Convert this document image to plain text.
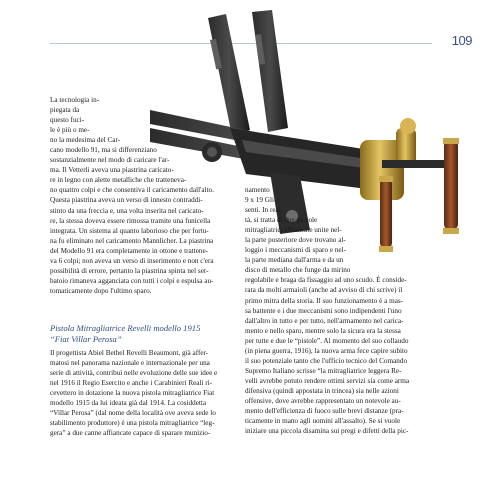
109
La tecnologia in-
piegata da
questo fuci-
le è più o me-
no la medesima del Car-
cano modello 91, ma si differenziano
sostanzialmente nel modo di caricare l'ar-
ma. Il Vetterli aveva una piastrina caricato-
re in legno con alette metalliche che tratteneva-
no quattro colpi e che consentiva il caricamento dall'alto.
Questa piastrina aveva un verso di innesto contraddi-
stinto da una freccia e, una volta inserita nel caricato-
re, la stessa doveva essere rimossa tramite una funicella
integrata. Un sistema al quanto laborioso che per fortu-
na fu eliminato nel caricamento Mannlicher. La piastrina
del Modello 91 era completamente in ottone e trattene-
va 6 colpi; non aveva un verso di inserimento e non c'era
possibilità di errore, pertanto la piastrina spinta nel ser-
batoio rimaneva agganciata con tutti i colpi e espulsa au-
tomaticamente dopo l'ultimo sparo.
Pistola Mitragliatrice Revelli modello 1915
“Fiat Villar Perosa”
Il progettista Abiel Bethel Revelli Beaumont, già affer-
matosi nel panorama nazionale e internazionale per una
serie di attività, contribuì nelle evoluzione delle sue idee e
nel 1916 il Regio Esercito e anche i Carabinieri Reali ri-
cevettero in dotazione la nuova pistola mitragliatrice Fiat
modello 1915 da lui ideata già dal 1914. La cosiddetta
“Villar Perosa” (dal nome della località ove aveva sede lo
stabilimento produttore) è una pistola mitragliatrice “leg-
gera” a due canne affiancate capace di sparare munizio-
namento
9 x 19 Gli-
senti. In real-
tà, si tratta di due piccole
mitragliatrici affiancate unite nel-
la parte posteriore dove trovano al-
loggio i meccanismi di sparo e nel-
la parte mediana dall'arma e da un
disco di metallo che funge da mirino
regolabile e braga da fissaggio ad uno scudo. È conside-
rata da molti armaioli (anche ad avviso di chi scrive) il
primo mitra della storia. Il suo funzionamento è a mas-
sa battente e i due meccanismi sono indipendenti l'uno
dall'altro in tutto e per tutto, nell'armamento nel carica-
mento e nello sparo, mentre solo la sicura era la stessa
per tutte e due le “pistole”. Al momento del suo collaudo
(in piena guerra, 1916), la nuova arma fece capire subito
il suo potenziale tanto che l'ufficio tecnico del Comando
Supremo Italiano scrisse “la mitragliatrice leggera Re-
velli avrebbe potuto rendere ottimi servizi sia come arma
difensiva (quindi appostata in trincea) sia nelle azioni
offensive, dove avrebbe rappresentato un notevole au-
mento dell'efficienza di fuoco sulle brevi distanze (pra-
ticamente in mano agli uomini all'assalto). Se si vuole
iniziare una piccola disamina sui pregi e difetti della pic-
